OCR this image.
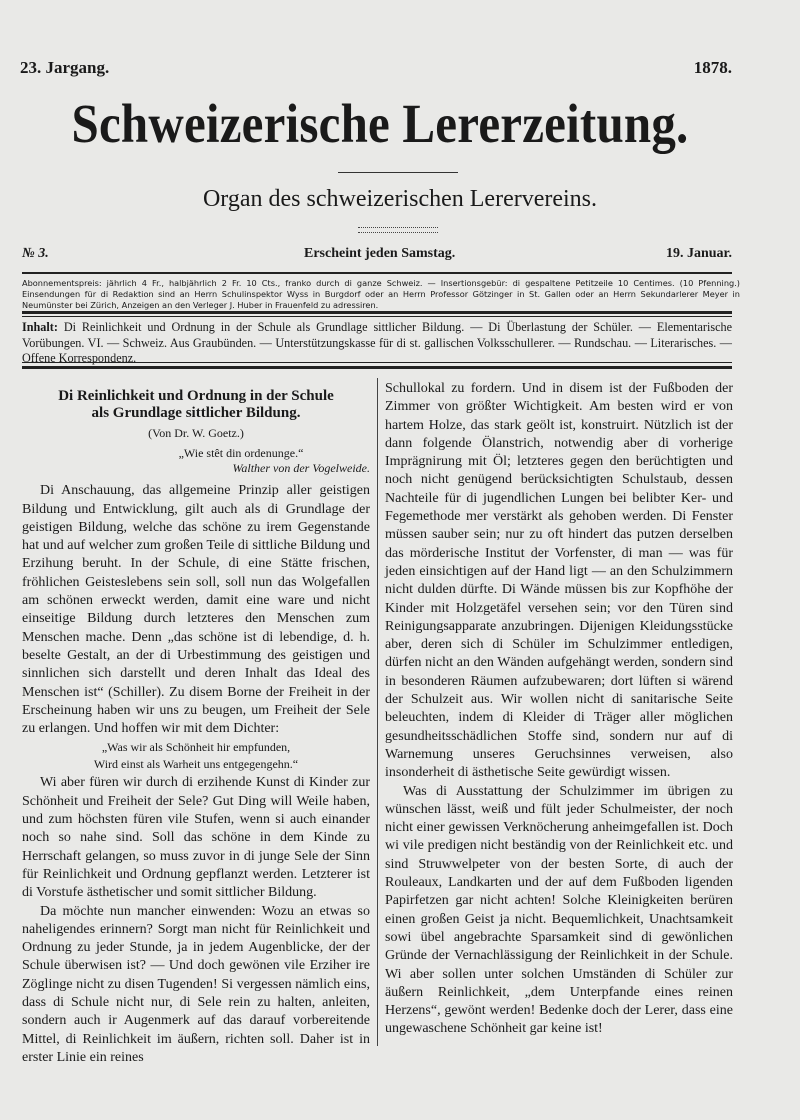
23. Jargang.	1878.
Schweizerische Lererzeitung.
Organ des schweizerischen Lerervereins.
№ 3.	Erscheint jeden Samstag.	19. Januar.
Abonnementspreis: jährlich 4 Fr., halbjährlich 2 Fr. 10 Cts., franko durch di ganze Schweiz. — Insertionsgebür: di gespaltene Petitzeile 10 Centimes. (10 Pfenning.) Einsendungen für di Redaktion sind an Herrn Schulinspektor Wyss in Burgdorf oder an Herrn Professor Götzinger in St. Gallen oder an Herrn Sekundarlerer Meyer in Neumünster bei Zürich, Anzeigen an den Verleger J. Huber in Frauenfeld zu adressiren.
Inhalt: Di Reinlichkeit und Ordnung in der Schule als Grundlage sittlicher Bildung. — Di Überlastung der Schüler. — Elementarische Vorübungen. VI. — Schweiz. Aus Graubünden. — Unterstützungskasse für di st. gallischen Volksschullerer. — Rundschau. — Literarisches. — Offene Korrespondenz.
Di Reinlichkeit und Ordnung in der Schule
als Grundlage sittlicher Bildung.
(Von Dr. W. Goetz.)
„Wie stêt din ordenunge.“
Walther von der Vogelweide.

Di Anschauung, das allgemeine Prinzip aller geistigen Bildung und Entwicklung, gilt auch als di Grundlage der geistigen Bildung, welche das schöne zu irem Gegenstande hat und auf welcher zum großen Teile di sittliche Bildung und Erzihung beruht. In der Schule, di eine Stätte frischen, fröhlichen Geisteslebens sein soll, soll nun das Wolgefallen am schönen erweckt werden, damit eine ware und nicht einseitige Bildung durch letzteres den Menschen zum Menschen mache. Denn „das schöne ist di lebendige, d. h. beselte Gestalt, an der di Urbestimmung des geistigen und sinnlichen sich darstellt und deren Inhalt das Ideal des Menschen ist“ (Schiller). Zu disem Borne der Freiheit in der Erscheinung haben wir uns zu beugen, um Freiheit der Sele zu erlangen. Und hoffen wir mit dem Dichter:

„Was wir als Schönheit hir empfunden,
Wird einst als Warheit uns entgegengehn.“

Wi aber füren wir durch di erzihende Kunst di Kinder zur Schönheit und Freiheit der Sele? Gut Ding will Weile haben, und zum höchsten füren vile Stufen, wenn si auch einander noch so nahe sind. Soll das schöne in dem Kinde zu Herrschaft gelangen, so muss zuvor in di junge Sele der Sinn für Reinlichkeit und Ordnung gepflanzt werden. Letzterer ist di Vorstufe ästhetischer und somit sittlicher Bildung.

Da möchte nun mancher einwenden: Wozu an etwas so naheligendes erinnern? Sorgt man nicht für Reinlichkeit und Ordnung zu jeder Stunde, ja in jedem Augenblicke, der der Schule überwisen ist? — Und doch gewönen vile Erziher ire Zöglinge nicht zu disen Tugenden! Si vergessen nämlich eins, dass di Schule nicht nur, di Sele rein zu halten, anleiten, sondern auch ir Augenmerk auf das darauf vorbereitende Mittel, di Reinlichkeit im äußern, richten soll. Daher ist in erster Linie ein reines

Schullokal zu fordern. Und in disem ist der Fußboden der Zimmer von größter Wichtigkeit. Am besten wird er von hartem Holze, das stark geölt ist, konstruirt. Nützlich ist der dann folgende Ölanstrich, notwendig aber di vorherige Imprägnirung mit Öl; letzteres gegen den berüchtigten und noch nicht genügend berücksichtigten Schulstaub, dessen Nachteile für di jugendlichen Lungen bei belibter Ker- und Fegemethode mer verstärkt als gehoben werden. Di Fenster müssen sauber sein; nur zu oft hindert das putzen derselben das mörderische Institut der Vorfenster, di man — was für jeden einsichtigen auf der Hand ligt — an den Schulzimmern nicht dulden dürfte. Di Wände müssen bis zur Kopfhöhe der Kinder mit Holzgetäfel versehen sein; vor den Türen sind Reinigungsapparate anzubringen. Dijenigen Kleidungsstücke aber, deren sich di Schüler im Schulzimmer entledigen, dürfen nicht an den Wänden aufgehängt werden, sondern sind in besonderen Räumen aufzubewaren; dort lüften si wärend der Schulzeit aus. Wir wollen nicht di sanitarische Seite beleuchten, indem di Kleider di Träger aller möglichen gesundheitsschädlichen Stoffe sind, sondern nur auf di Warnemung unseres Geruchsinnes verweisen, also insonderheit di ästhetische Seite gewürdigt wissen.

Was di Ausstattung der Schulzimmer im übrigen zu wünschen lässt, weiß und fült jeder Schulmeister, der noch nicht einer gewissen Verknöcherung anheimgefallen ist. Doch wi vile predigen nicht beständig von der Reinlichkeit etc. und sind Struwwelpeter von der besten Sorte, di auch der Rouleaux, Landkarten und der auf dem Fußboden ligenden Papirfetzen gar nicht achten! Solche Kleinigkeiten berüren einen großen Geist ja nicht. Bequemlichkeit, Unachtsamkeit sowi übel angebrachte Sparsamkeit sind di gewönlichen Gründe der Vernachlässigung der Reinlichkeit in der Schule. Wi aber sollen unter solchen Umständen di Schüler zur äußern Reinlichkeit, „dem Unterpfande eines reinen Herzens“, gewönt werden! Bedenke doch der Lerer, dass eine ungewaschene Schönheit gar keine ist!
